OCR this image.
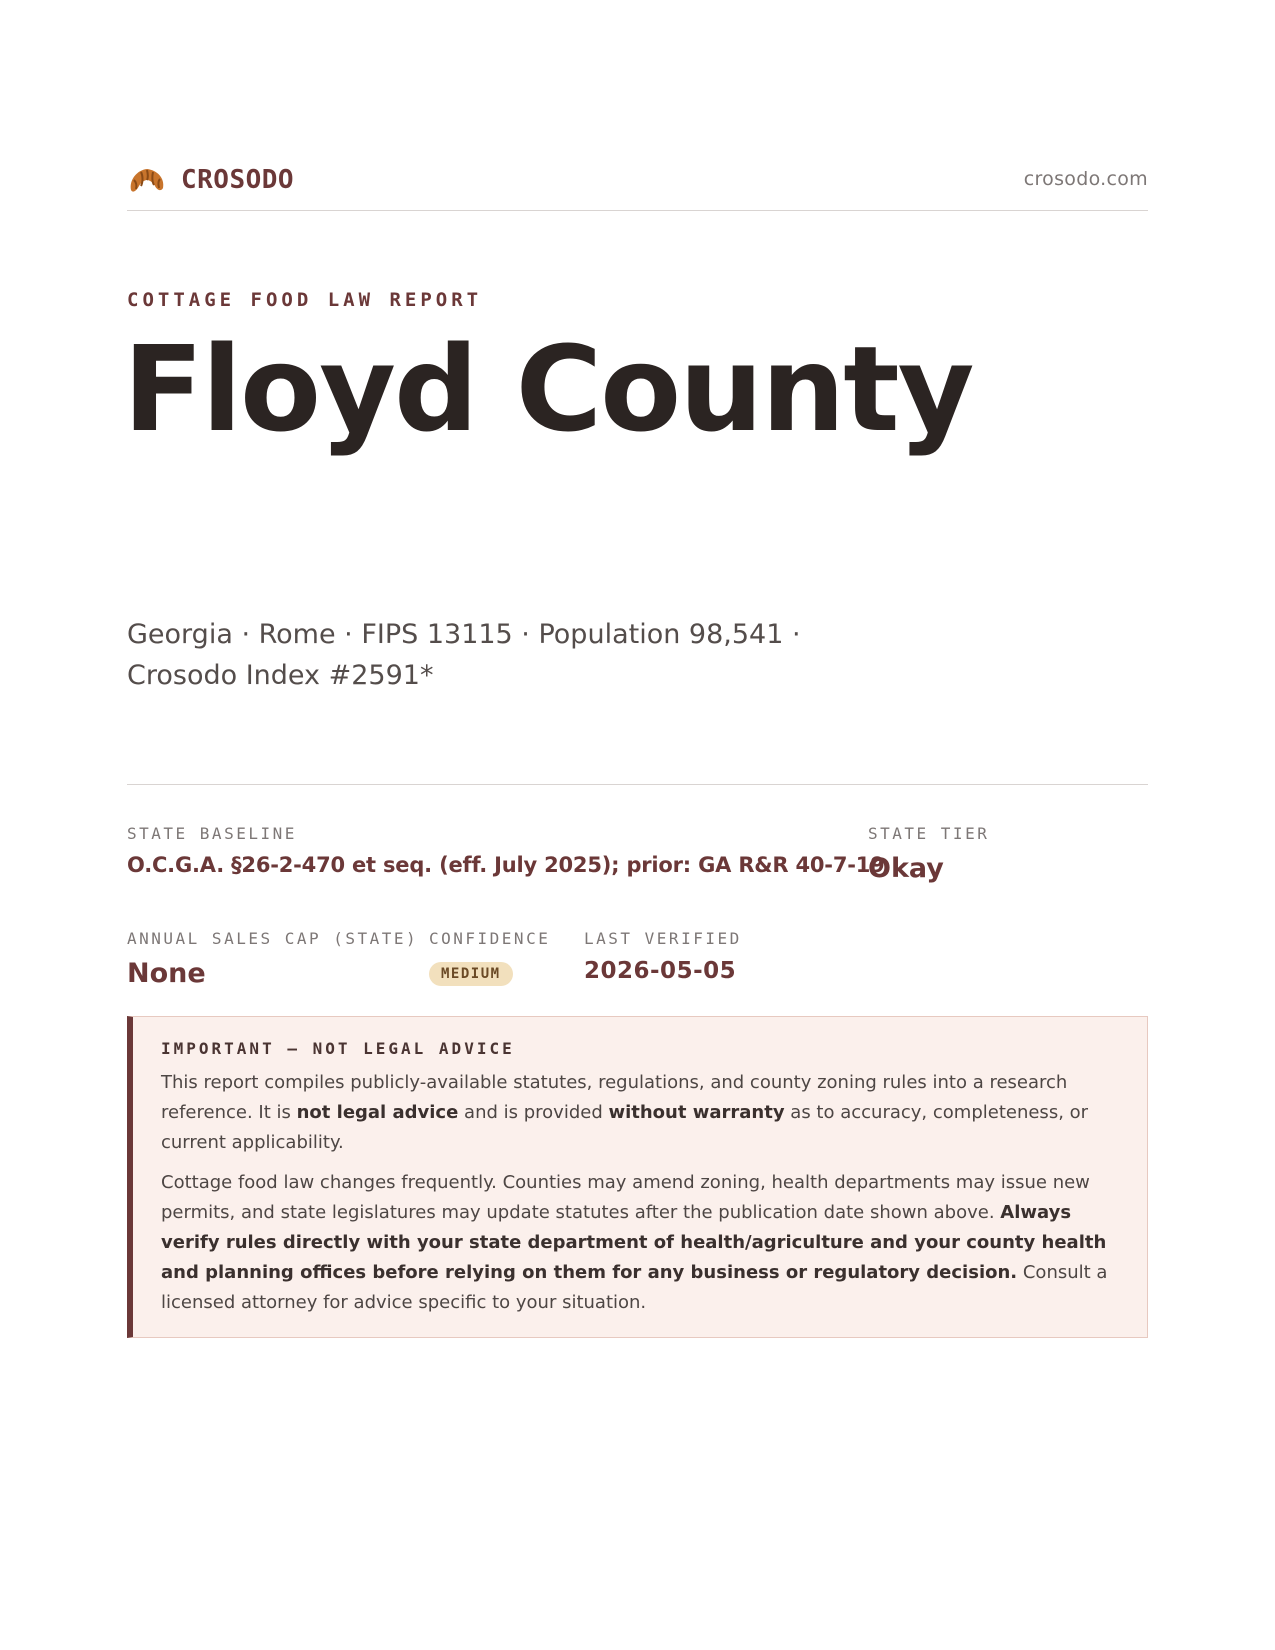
CROSODO	crosodo.com
COTTAGE FOOD LAW REPORT
Floyd County
Georgia · Rome · FIPS 13115 · Population 98,541 · Crosodo Index #2591*
STATE BASELINE
O.C.G.A. §26-2-470 et seq. (eff. July 2025); prior: GA R&R 40-7-19
STATE TIER
Okay
ANNUAL SALES CAP (STATE)
None
CONFIDENCE
MEDIUM
LAST VERIFIED
2026-05-05
IMPORTANT — NOT LEGAL ADVICE

This report compiles publicly-available statutes, regulations, and county zoning rules into a research reference. It is not legal advice and is provided without warranty as to accuracy, completeness, or current applicability.

Cottage food law changes frequently. Counties may amend zoning, health departments may issue new permits, and state legislatures may update statutes after the publication date shown above. Always verify rules directly with your state department of health/agriculture and your county health and planning offices before relying on them for any business or regulatory decision. Consult a licensed attorney for advice specific to your situation.
